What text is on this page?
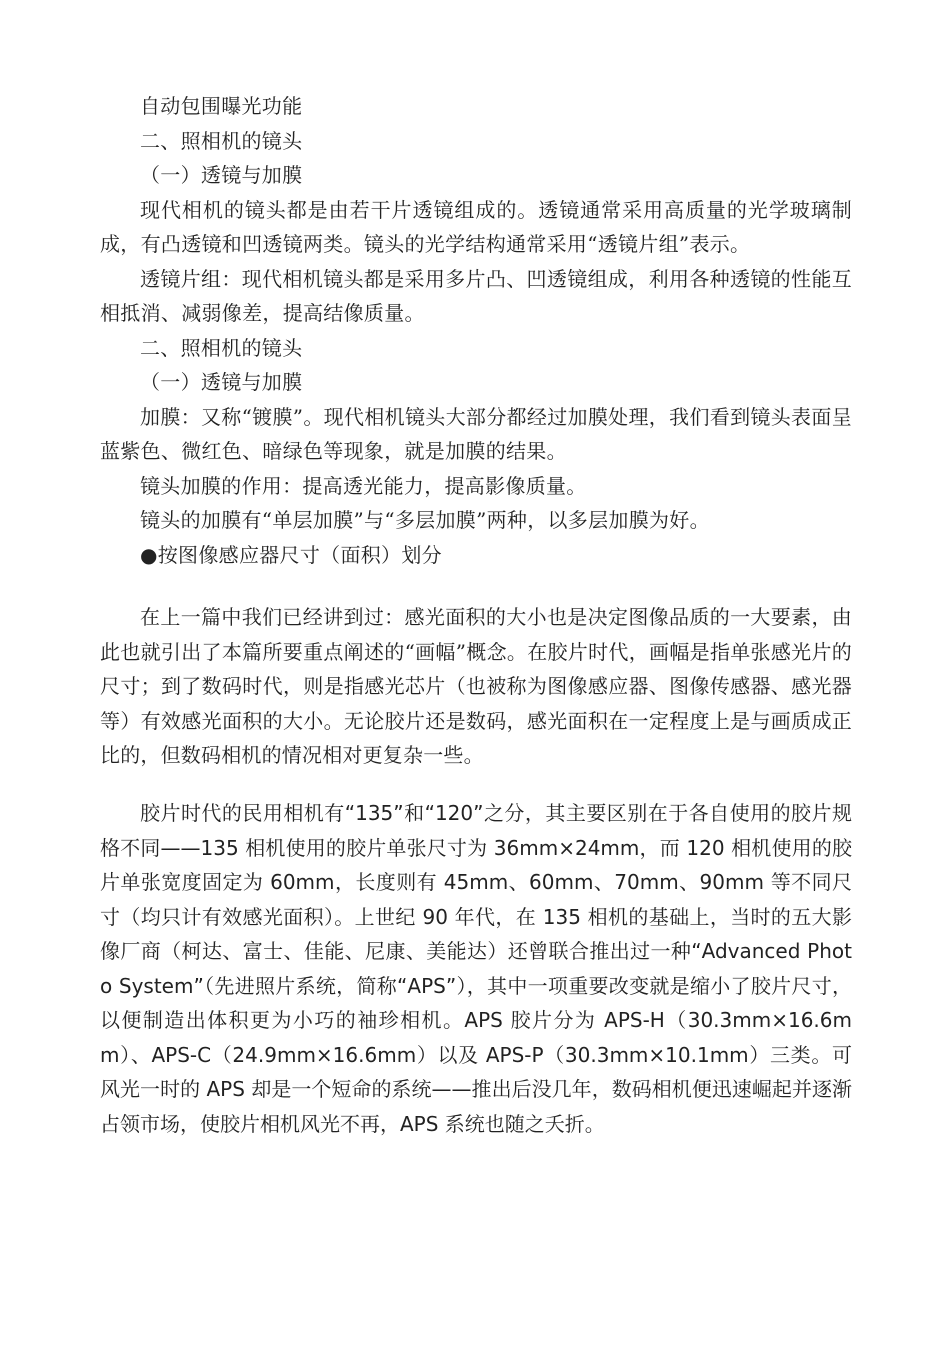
自动包围曝光功能

二、照相机的镜头

（一）透镜与加膜

现代相机的镜头都是由若干片透镜组成的。透镜通常采用高质量的光学玻璃制成，有凸透镜和凹透镜两类。镜头的光学结构通常采用“透镜片组”表示。

透镜片组：现代相机镜头都是采用多片凸、凹透镜组成，利用各种透镜的性能互相抵消、减弱像差，提高结像质量。

二、照相机的镜头

（一）透镜与加膜

加膜：又称“镀膜”。现代相机镜头大部分都经过加膜处理，我们看到镜头表面呈蓝紫色、微红色、暗绿色等现象，就是加膜的结果。

镜头加膜的作用：提高透光能力，提高影像质量。

镜头的加膜有“单层加膜”与“多层加膜”两种，以多层加膜为好。

●按图像感应器尺寸（面积）划分

在上一篇中我们已经讲到过：感光面积的大小也是决定图像品质的一大要素，由此也就引出了本篇所要重点阐述的“画幅”概念。在胶片时代，画幅是指单张感光片的尺寸；到了数码时代，则是指感光芯片（也被称为图像感应器、图像传感器、感光器等）有效感光面积的大小。无论胶片还是数码，感光面积在一定程度上是与画质成正比的，但数码相机的情况相对更复杂一些。

胶片时代的民用相机有“135”和“120”之分，其主要区别在于各自使用的胶片规格不同——135 相机使用的胶片单张尺寸为 36mm×24mm，而 120 相机使用的胶片单张宽度固定为 60mm，长度则有 45mm、60mm、70mm、90mm 等不同尺寸（均只计有效感光面积）。上世纪 90 年代，在 135 相机的基础上，当时的五大影像厂商（柯达、富士、佳能、尼康、美能达）还曾联合推出过一种“Advanced Photo System”（先进照片系统，简称“APS”），其中一项重要改变就是缩小了胶片尺寸，以便制造出体积更为小巧的袖珍相机。APS 胶片分为 APS-H（30.3mm×16.6mm）、APS-C（24.9mm×16.6mm）以及 APS-P（30.3mm×10.1mm）三类。可风光一时的 APS 却是一个短命的系统——推出后没几年，数码相机便迅速崛起并逐渐占领市场，使胶片相机风光不再，APS 系统也随之夭折。
